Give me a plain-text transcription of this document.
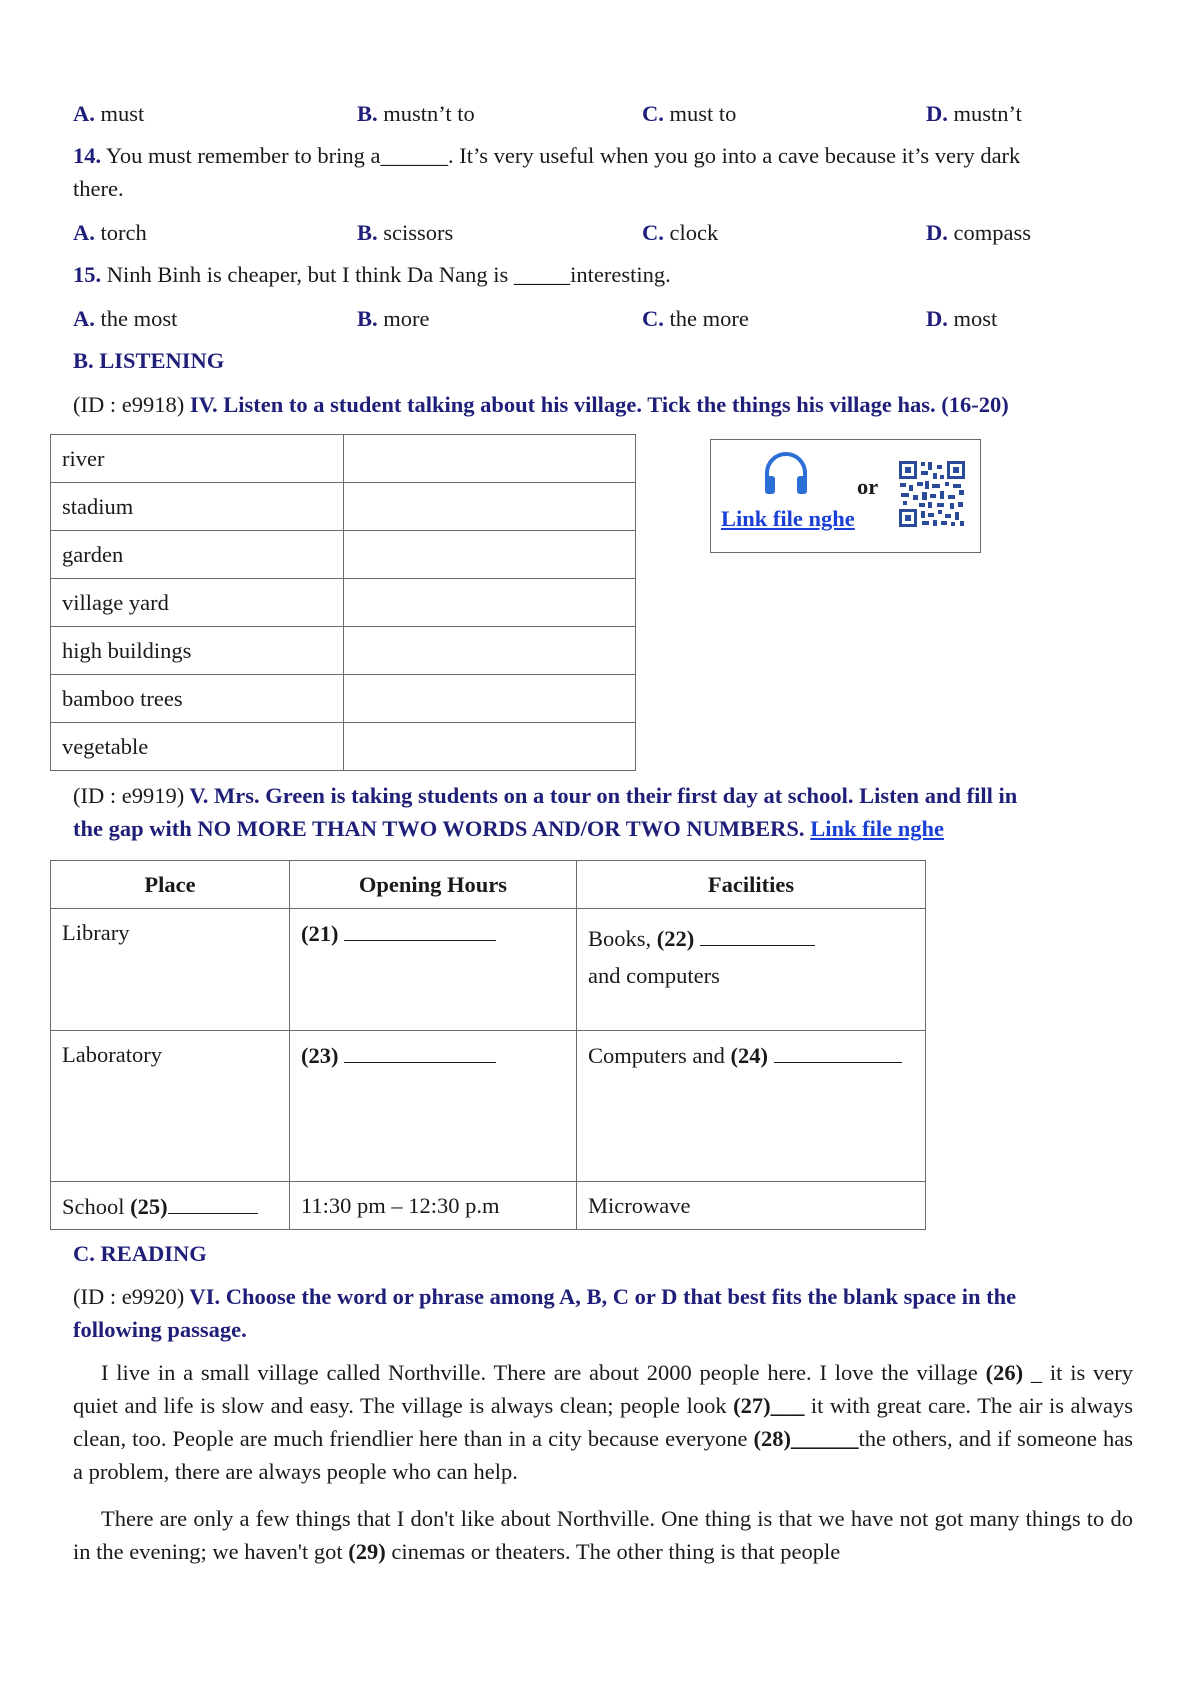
A. must	B. mustn’t to	C. must to	D. mustn’t
14. You must remember to bring a______. It’s very useful when you go into a cave because it’s very dark
there.
A. torch	B. scissors	C. clock	D. compass
15. Ninh Binh is cheaper, but I think Da Nang is _____interesting.
A. the most	B. more	C. the more	D. most
B. LISTENING
(ID : e9918) IV. Listen to a student talking about his village. Tick the things his village has. (16-20)
river	
stadium	
garden	
village yard	
high buildings	
bamboo trees	
vegetable	
or
Link file nghe
(ID : e9919) V. Mrs. Green is taking students on a tour on their first day at school. Listen and fill in
the gap with NO MORE THAN TWO WORDS AND/OR TWO NUMBERS. Link file nghe
Place	Opening Hours	Facilities
Library	(21)	Books, (22)
and computers
Laboratory	(23)	Computers and (24)
School (25)	11:30 pm – 12:30 p.m	Microwave
C. READING
(ID : e9920) VI. Choose the word or phrase among A, B, C or D that best fits the blank space in the
following passage.
I live in a small village called Northville. There are about 2000 people here. I love the village (26) _ it is very quiet and life is slow and easy. The village is always clean; people look (27)___ it with great care. The air is always clean, too. People are much friendlier here than in a city because everyone (28)______the others, and if someone has a problem, there are always people who can help.
There are only a few things that I don't like about Northville. One thing is that we have not got many things to do in the evening; we haven't got (29) cinemas or theaters. The other thing is that people
